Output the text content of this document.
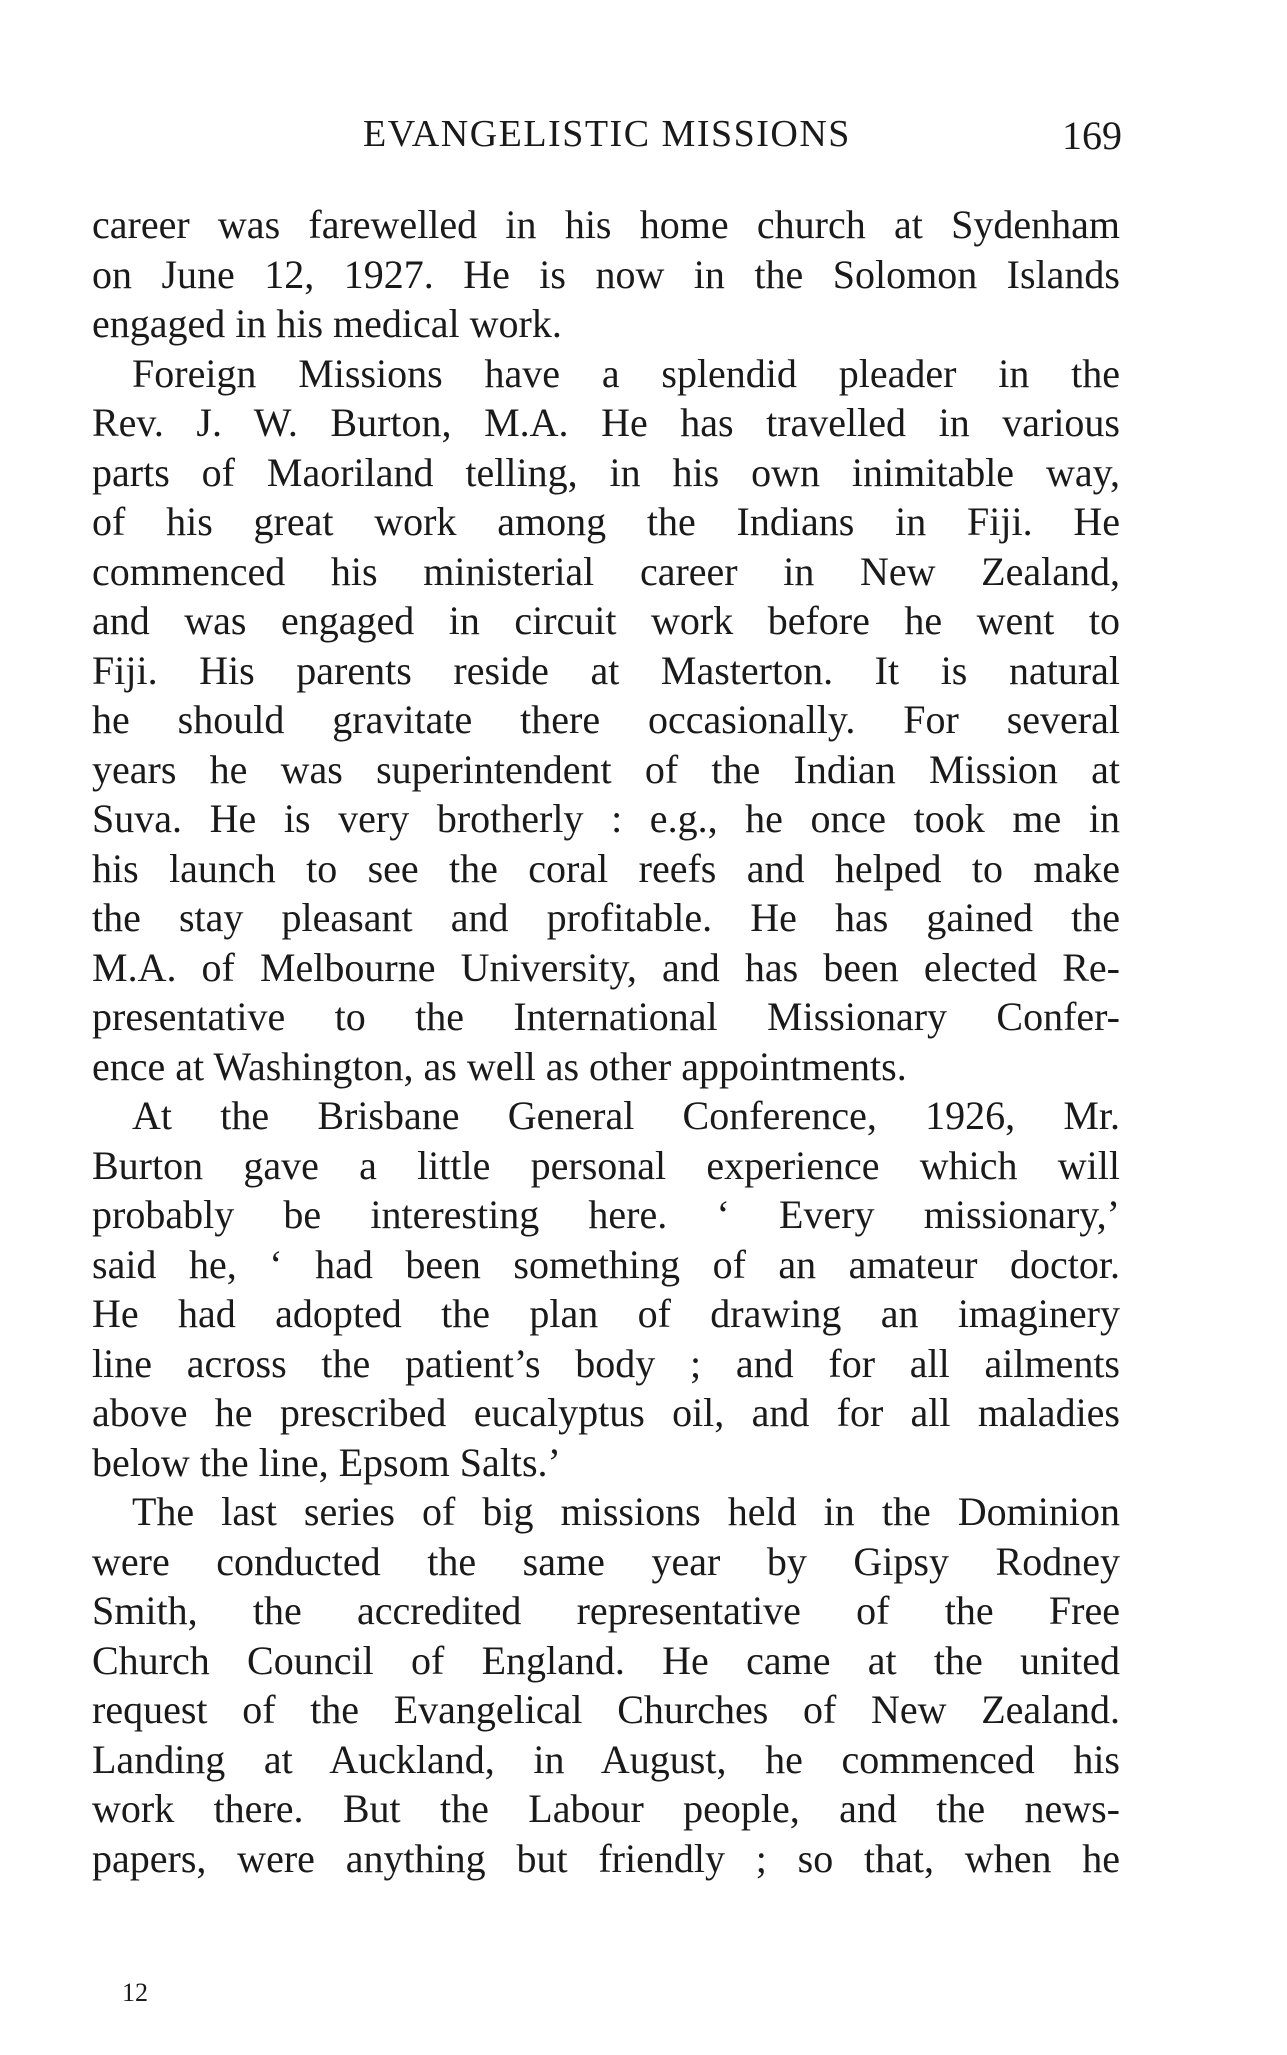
EVANGELISTIC MISSIONS	169
career was farewelled in his home church at Sydenham
on June 12, 1927. He is now in the Solomon Islands
engaged in his medical work.
Foreign Missions have a splendid pleader in the
Rev. J. W. Burton, M.A. He has travelled in various
parts of Maoriland telling, in his own inimitable way,
of his great work among the Indians in Fiji. He
commenced his ministerial career in New Zealand,
and was engaged in circuit work before he went to
Fiji. His parents reside at Masterton. It is natural
he should gravitate there occasionally. For several
years he was superintendent of the Indian Mission at
Suva. He is very brotherly : e.g., he once took me in
his launch to see the coral reefs and helped to make
the stay pleasant and profitable. He has gained the
M.A. of Melbourne University, and has been elected Re-
presentative to the International Missionary Confer-
ence at Washington, as well as other appointments.
At the Brisbane General Conference, 1926, Mr.
Burton gave a little personal experience which will
probably be interesting here. ‘ Every missionary,’
said he, ‘ had been something of an amateur doctor.
He had adopted the plan of drawing an imaginery
line across the patient’s body ; and for all ailments
above he prescribed eucalyptus oil, and for all maladies
below the line, Epsom Salts.’
The last series of big missions held in the Dominion
were conducted the same year by Gipsy Rodney
Smith, the accredited representative of the Free
Church Council of England. He came at the united
request of the Evangelical Churches of New Zealand.
Landing at Auckland, in August, he commenced his
work there. But the Labour people, and the news-
papers, were anything but friendly ; so that, when he
12
